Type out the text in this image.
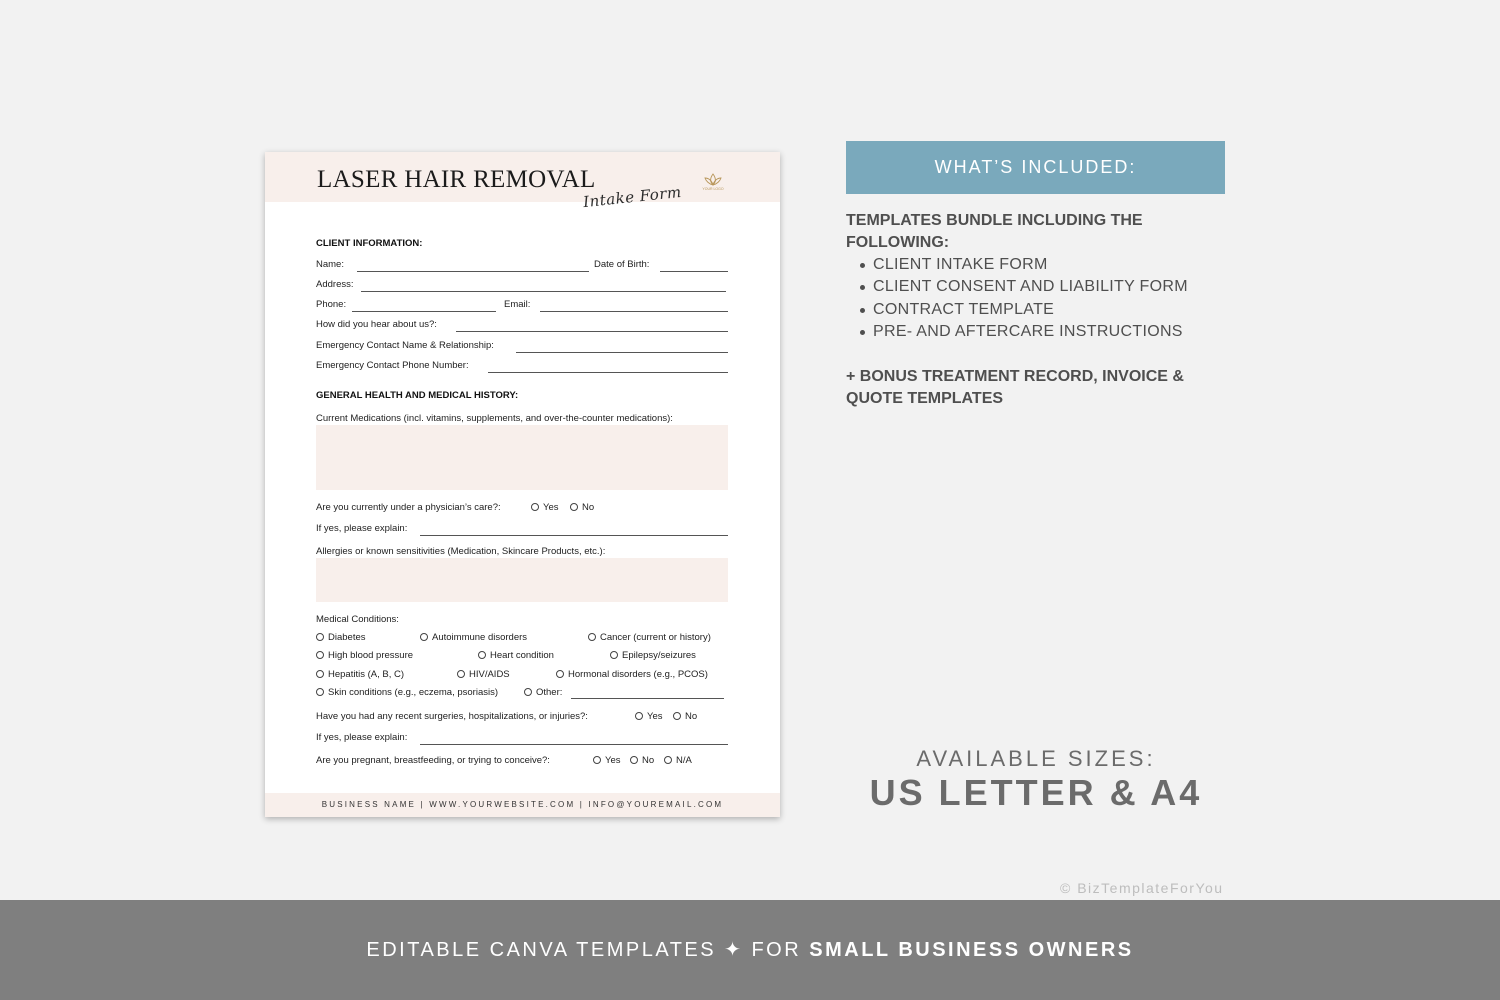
LASER HAIR REMOVAL
Intake Form	YOUR LOGO
CLIENT INFORMATION:
Name:	Date of Birth:
Address:
Phone:	Email:
How did you hear about us?:
Emergency Contact Name & Relationship:
Emergency Contact Phone Number:
GENERAL HEALTH AND MEDICAL HISTORY:
Current Medications (incl. vitamins, supplements, and over-the-counter medications):
Are you currently under a physician’s care?:	Yes	No
If yes, please explain:
Allergies or known sensitivities (Medication, Skincare Products, etc.):
Medical Conditions:
Diabetes	Autoimmune disorders	Cancer (current or history)
High blood pressure	Heart condition	Epilepsy/seizures
Hepatitis (A, B, C)	HIV/AIDS	Hormonal disorders (e.g., PCOS)
Skin conditions (e.g., eczema, psoriasis)	Other:
Have you had any recent surgeries, hospitalizations, or injuries?:	Yes	No
If yes, please explain:
Are you pregnant, breastfeeding, or trying to conceive?:	Yes	No	N/A
BUSINESS NAME | WWW.YOURWEBSITE.COM | INFO@YOUREMAIL.COM
WHAT’S INCLUDED:
TEMPLATES BUNDLE INCLUDING THE FOLLOWING:
CLIENT INTAKE FORM
CLIENT CONSENT AND LIABILITY FORM
CONTRACT TEMPLATE
PRE- AND AFTERCARE INSTRUCTIONS
+ BONUS TREATMENT RECORD, INVOICE & QUOTE TEMPLATES
AVAILABLE SIZES:
US LETTER & A4
© BizTemplateForYou
EDITABLE CANVA TEMPLATES ✦ FOR SMALL BUSINESS OWNERS
